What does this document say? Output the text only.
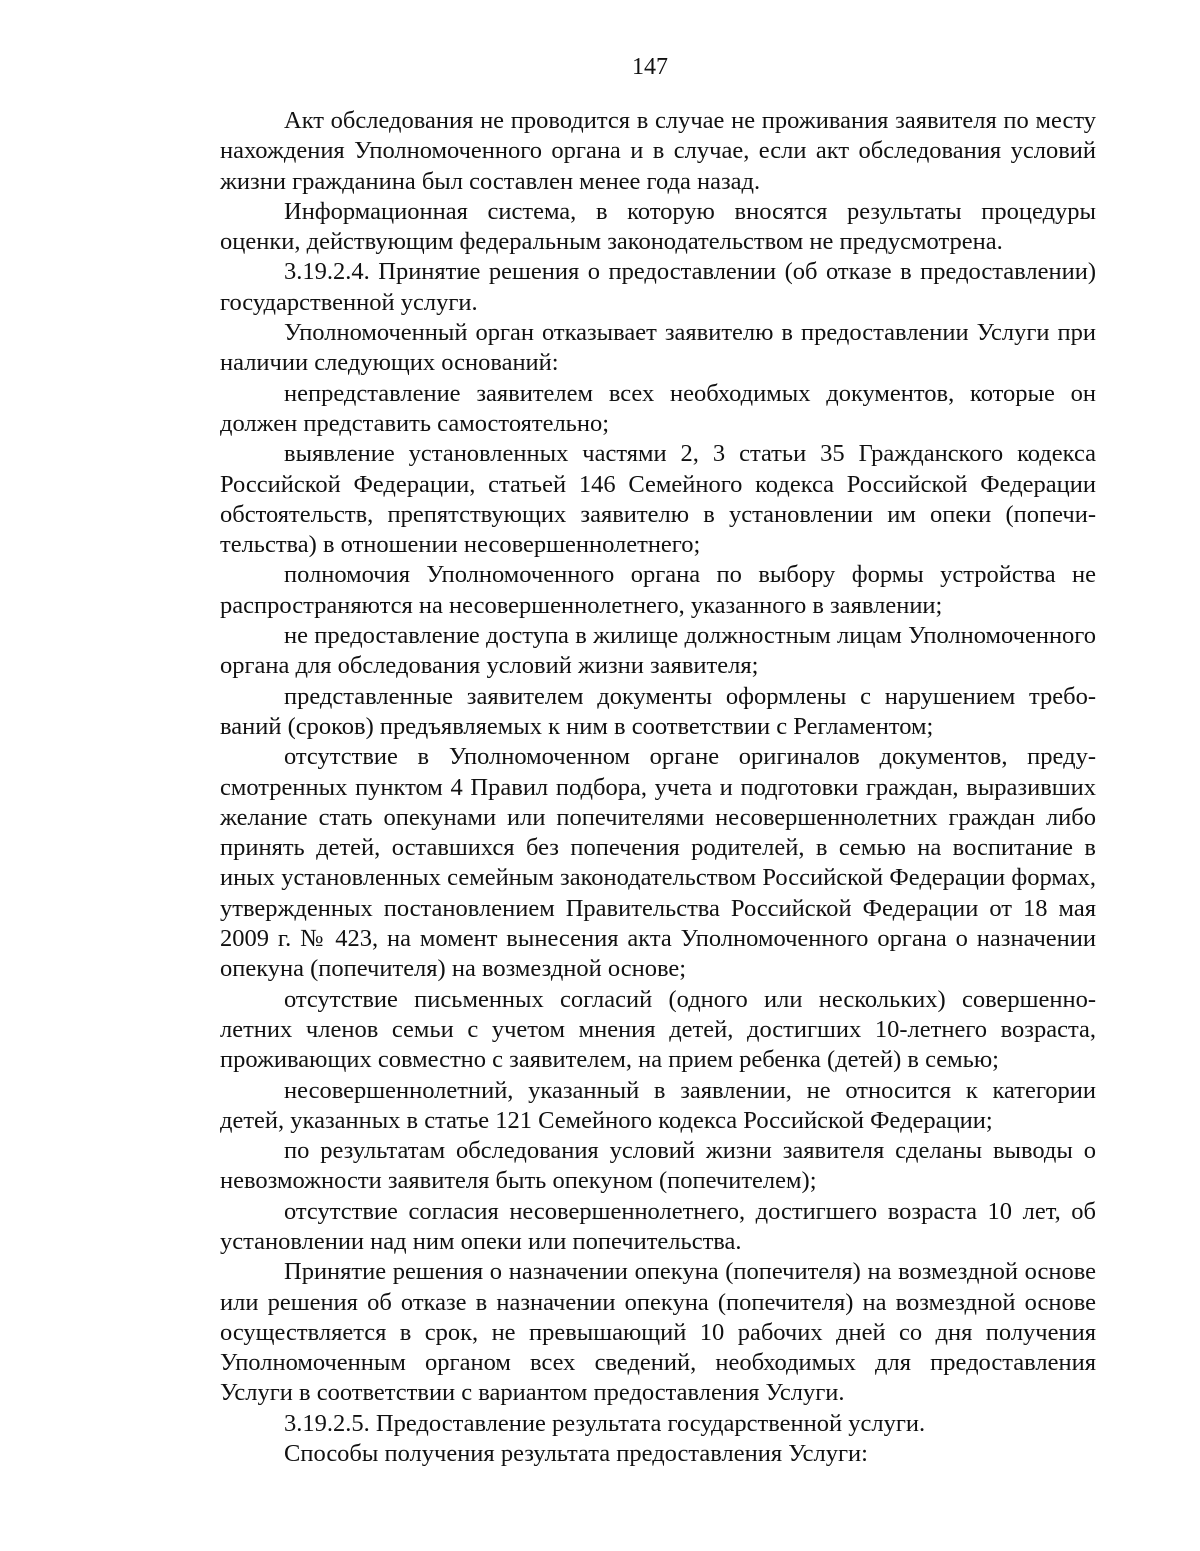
147

Акт обследования не проводится в случае не проживания заявителя по месту нахождения Уполномоченного органа и в случае, если акт обследования условий жизни гражданина был составлен менее года назад.

Информационная система, в которую вносятся результаты процедуры оценки, действующим федеральным законодательством не предусмотрена.

3.19.2.4. Принятие решения о предоставлении (об отказе в предоставлении) государственной услуги.

Уполномоченный орган отказывает заявителю в предоставлении Услуги при наличии следующих оснований:

непредставление заявителем всех необходимых документов, которые он должен представить самостоятельно;

выявление установленных частями 2, 3 статьи 35 Гражданского кодекса Российской Федерации, статьей 146 Семейного кодекса Российской Федерации обстоятельств, препятствующих заявителю в установлении им опеки (попечительства) в отношении несовершеннолетнего;

полномочия Уполномоченного органа по выбору формы устройства не распространяются на несовершеннолетнего, указанного в заявлении;

не предоставление доступа в жилище должностным лицам Уполномоченного органа для обследования условий жизни заявителя;

представленные заявителем документы оформлены с нарушением требований (сроков) предъявляемых к ним в соответствии с Регламентом;

отсутствие в Уполномоченном органе оригиналов документов, предусмотренных пунктом 4 Правил подбора, учета и подготовки граждан, выразивших желание стать опекунами или попечителями несовершеннолетних граждан либо принять детей, оставшихся без попечения родителей, в семью на воспитание в иных установленных семейным законодательством Российской Федерации формах, утвержденных постановлением Правительства Российской Федерации от 18 мая 2009 г. № 423, на момент вынесения акта Уполномоченного органа о назначении опекуна (попечителя) на возмездной основе;

отсутствие письменных согласий (одного или нескольких) совершеннолетних членов семьи с учетом мнения детей, достигших 10-летнего возраста, проживающих совместно с заявителем, на прием ребенка (детей) в семью;

несовершеннолетний, указанный в заявлении, не относится к категории детей, указанных в статье 121 Семейного кодекса Российской Федерации;

по результатам обследования условий жизни заявителя сделаны выводы о невозможности заявителя быть опекуном (попечителем);

отсутствие согласия несовершеннолетнего, достигшего возраста 10 лет, об установлении над ним опеки или попечительства.

Принятие решения о назначении опекуна (попечителя) на возмездной основе или решения об отказе в назначении опекуна (попечителя) на возмездной основе осуществляется в срок, не превышающий 10 рабочих дней со дня получения Уполномоченным органом всех сведений, необходимых для предоставления Услуги в соответствии с вариантом предоставления Услуги.

3.19.2.5. Предоставление результата государственной услуги.

Способы получения результата предоставления Услуги:
